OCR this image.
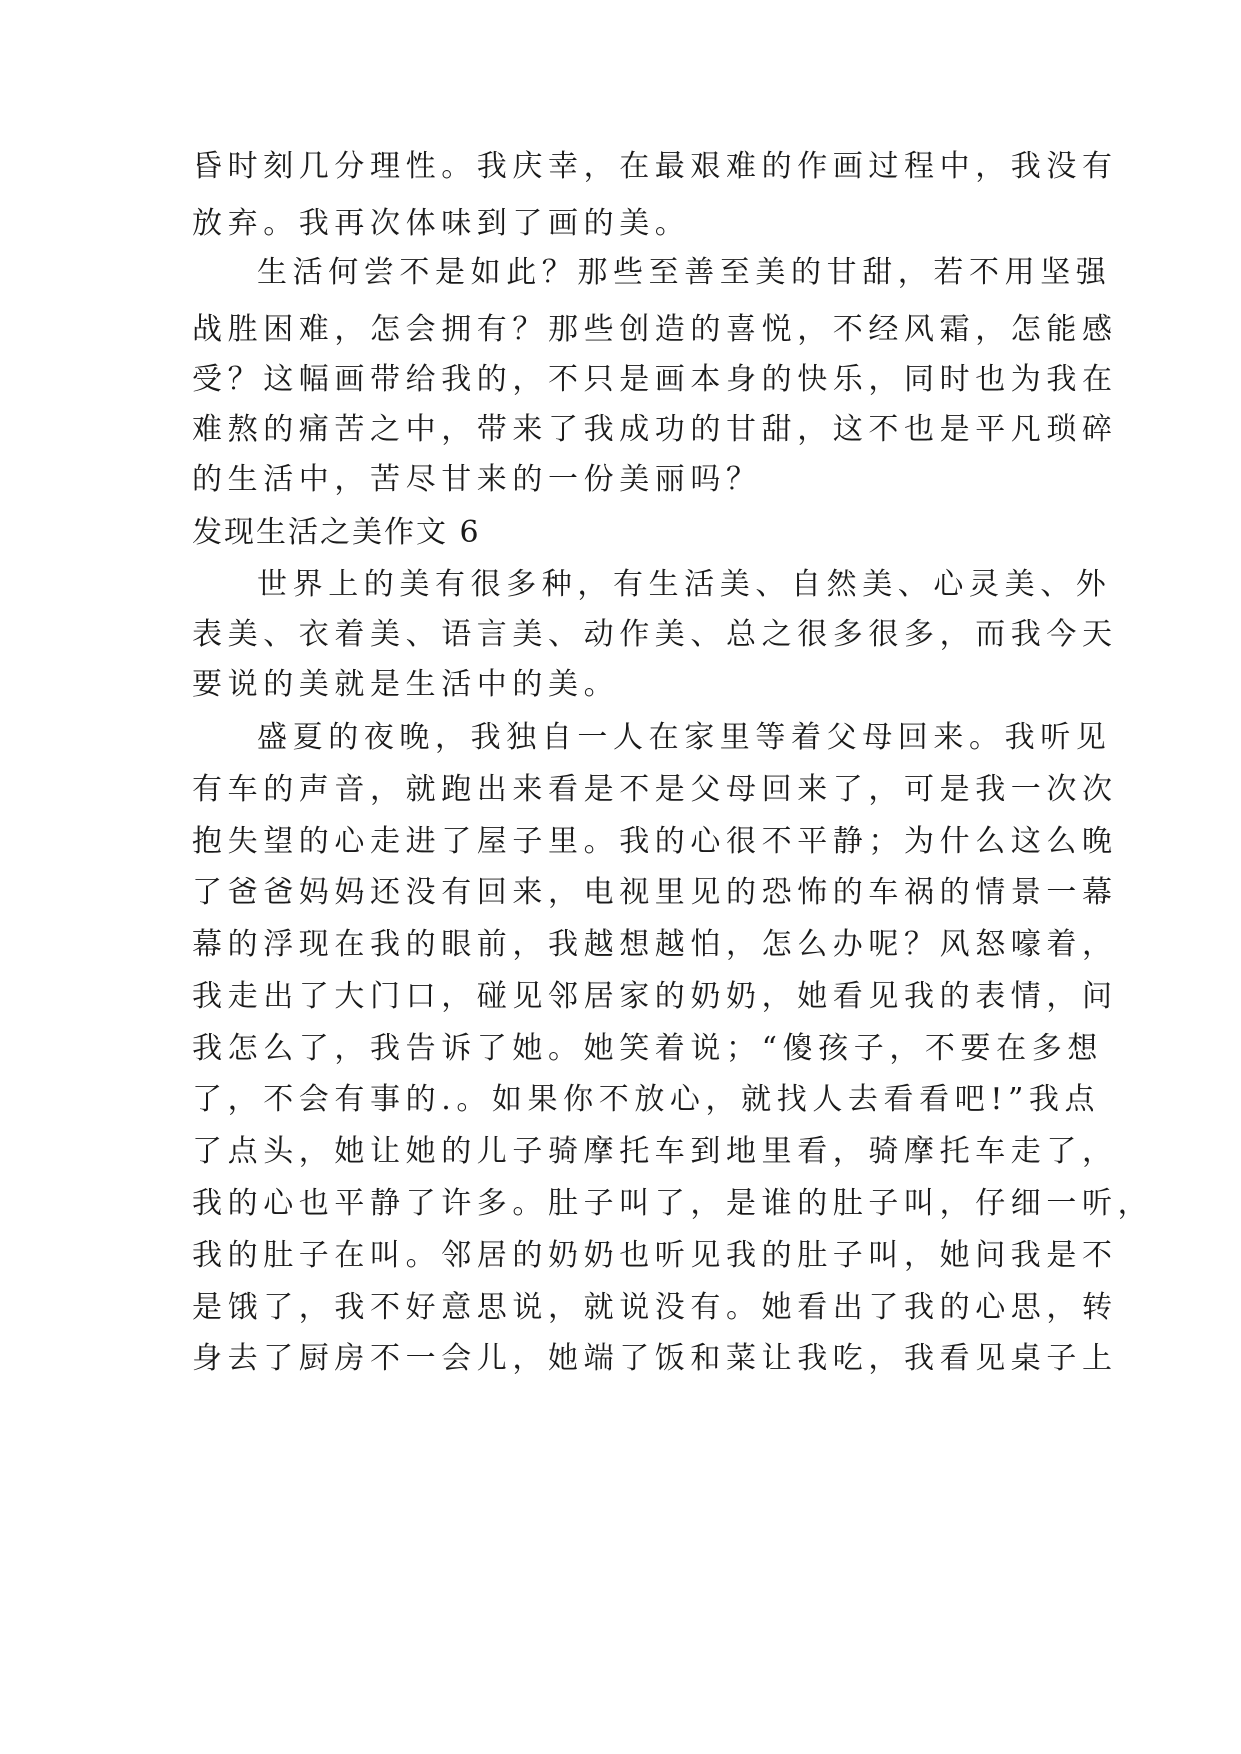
昏时刻几分理性。我庆幸，在最艰难的作画过程中，我没有
放弃。我再次体味到了画的美。
生活何尝不是如此？那些至善至美的甘甜，若不用坚强
战胜困难，怎会拥有？那些创造的喜悦，不经风霜，怎能感
受？这幅画带给我的，不只是画本身的快乐，同时也为我在
难熬的痛苦之中，带来了我成功的甘甜，这不也是平凡琐碎
的生活中，苦尽甘来的一份美丽吗？
发现生活之美作文 6
世界上的美有很多种，有生活美、自然美、心灵美、外
表美、衣着美、语言美、动作美、总之很多很多，而我今天
要说的美就是生活中的美。
盛夏的夜晚，我独自一人在家里等着父母回来。我听见
有车的声音，就跑出来看是不是父母回来了，可是我一次次
抱失望的心走进了屋子里。我的心很不平静；为什么这么晚
了爸爸妈妈还没有回来，电视里见的恐怖的车祸的情景一幕
幕的浮现在我的眼前，我越想越怕，怎么办呢？风怒嚎着，
我走出了大门口，碰见邻居家的奶奶，她看见我的表情，问
我怎么了，我告诉了她。她笑着说；“傻孩子，不要在多想
了，不会有事的.。如果你不放心，就找人去看看吧!”我点
了点头，她让她的儿子骑摩托车到地里看，骑摩托车走了，
我的心也平静了许多。肚子叫了，是谁的肚子叫，仔细一听，
我的肚子在叫。邻居的奶奶也听见我的肚子叫，她问我是不
是饿了，我不好意思说，就说没有。她看出了我的心思，转
身去了厨房不一会儿，她端了饭和菜让我吃，我看见桌子上
